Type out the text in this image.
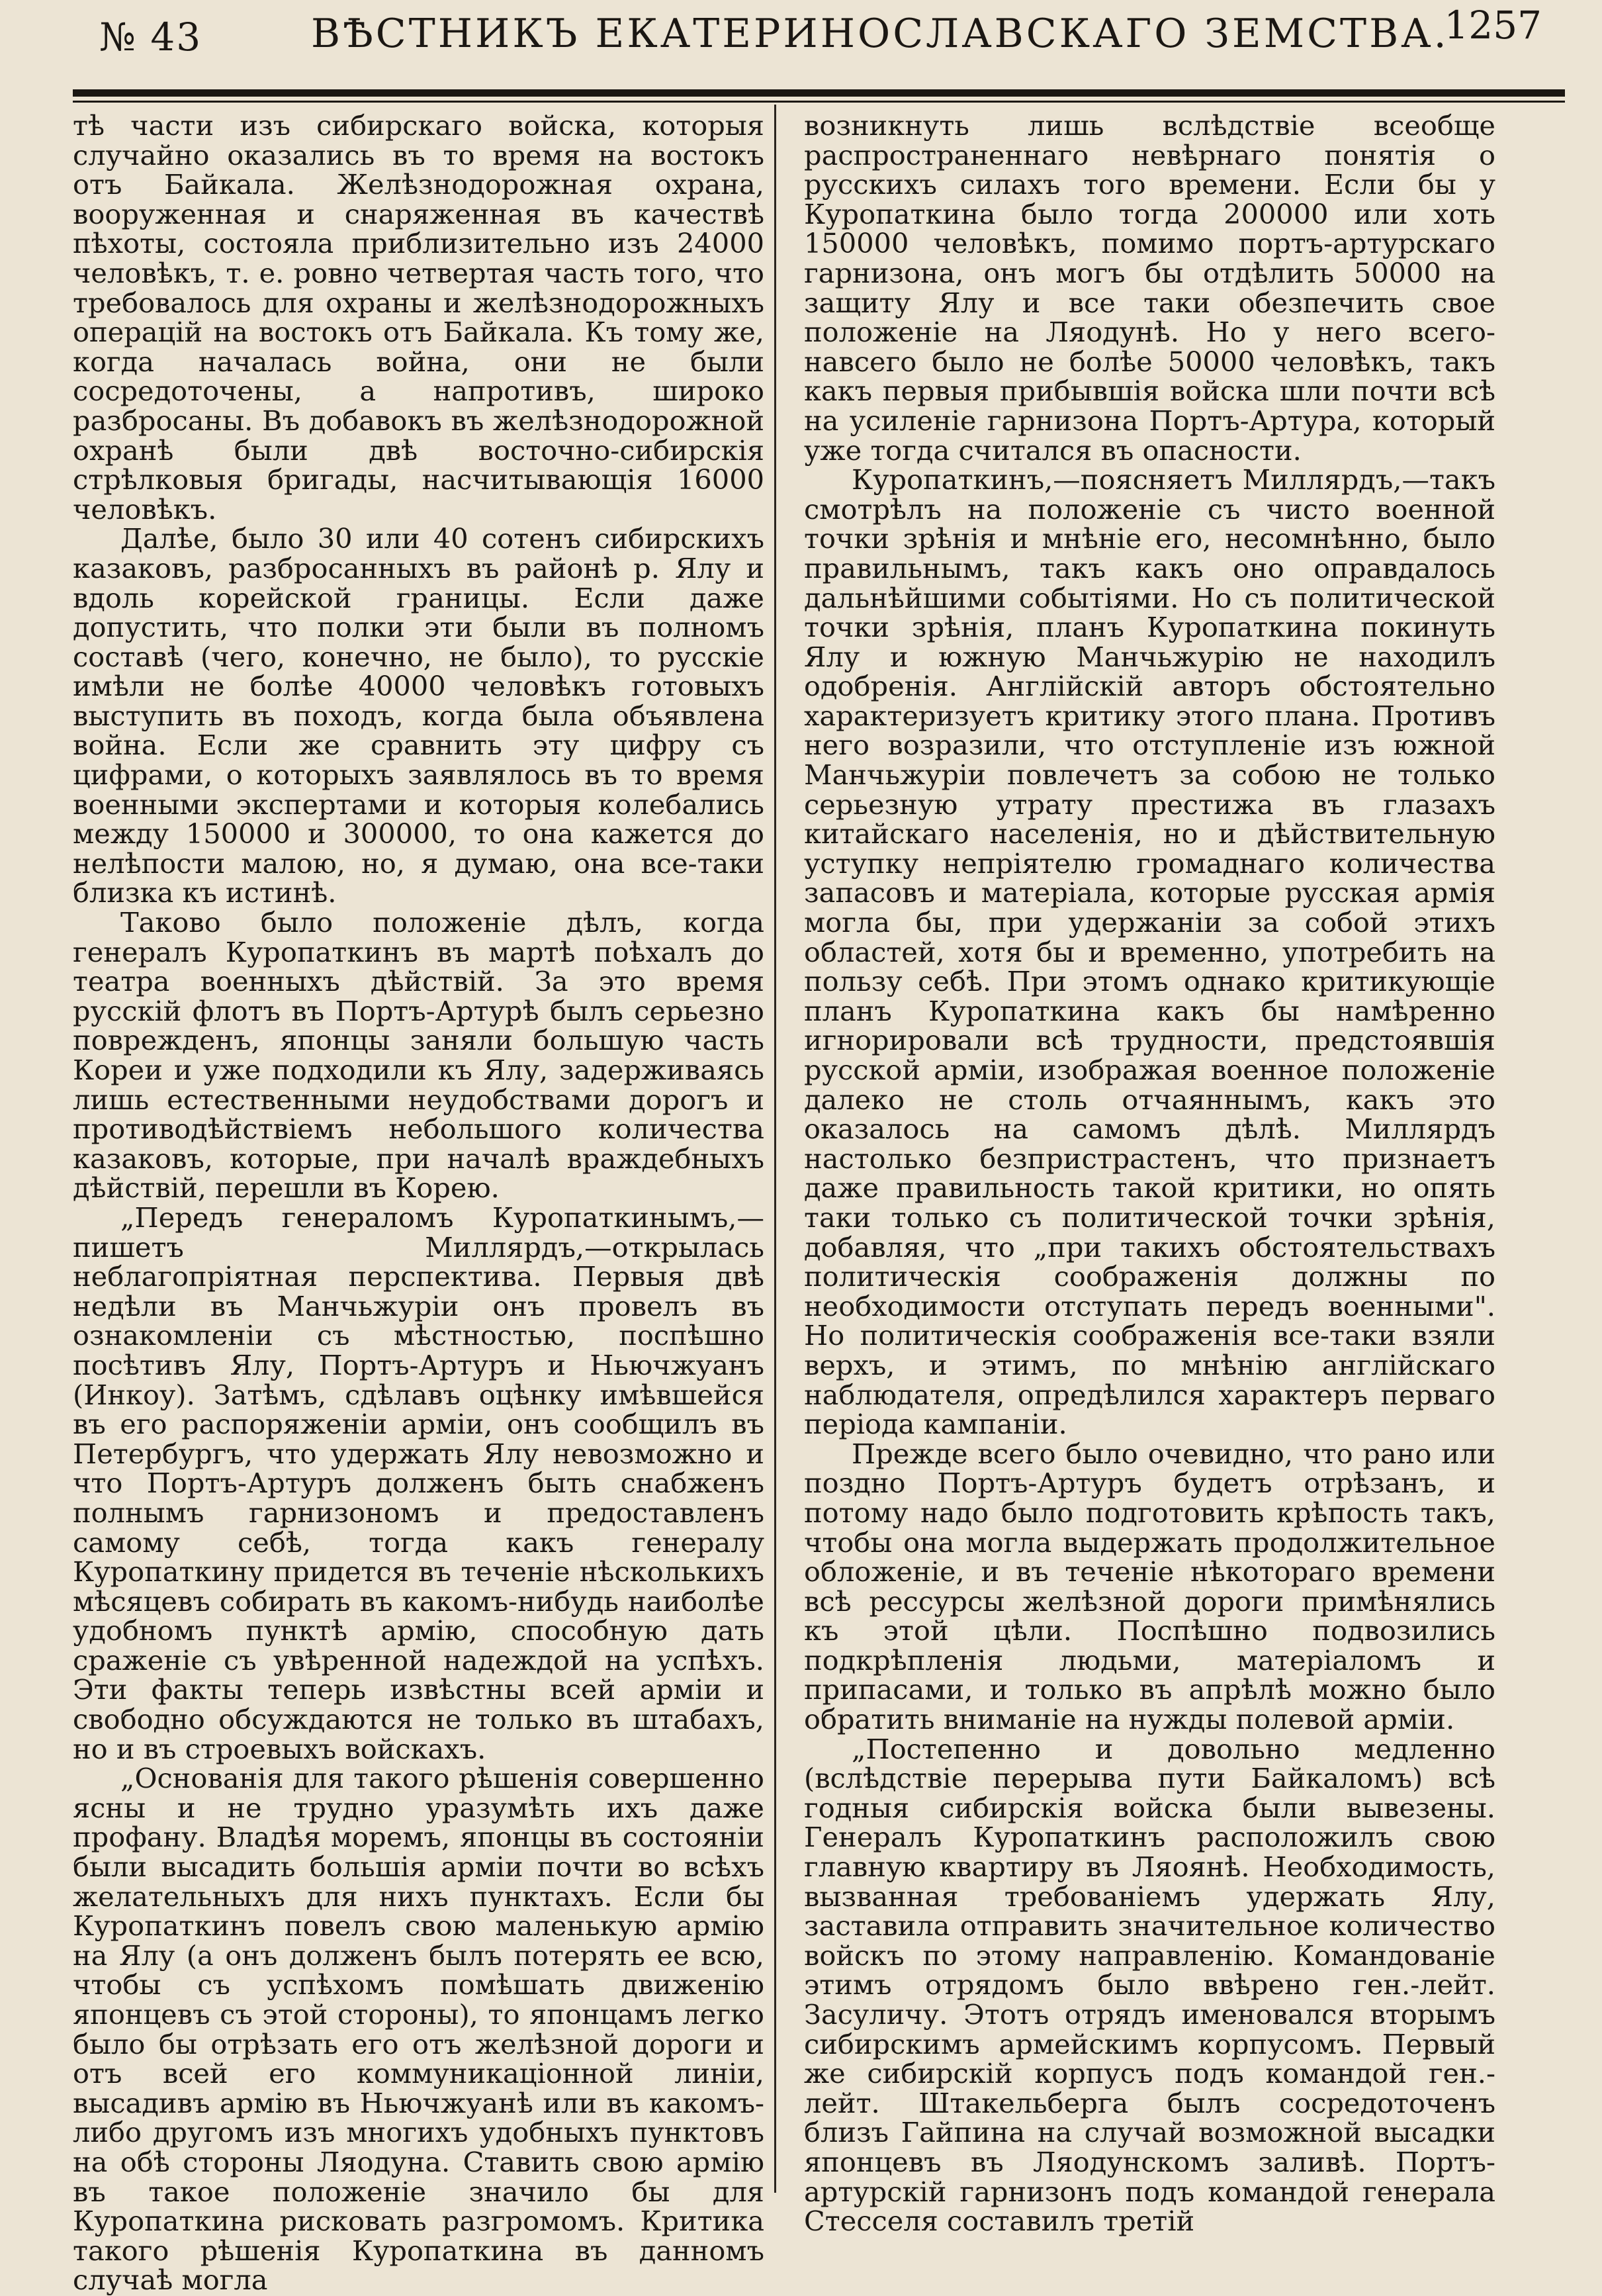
№ 43	ВѢСТНИКЪ ЕКАТЕРИНОСЛАВСКАГО ЗЕМСТВА.
1257

тѣ части изъ сибирскаго войска, которыя случайно оказались въ то время на востокъ отъ Байкала. Желѣзнодорожная охрана, вооруженная и снаряженная въ качествѣ пѣхоты, состояла приблизительно изъ 24000 человѣкъ, т. е. ровно четвертая часть того, что требовалось для охраны и желѣзнодорожныхъ операцій на востокъ отъ Байкала. Къ тому же, когда началась война, они не были сосредоточены, а напротивъ, широко разбросаны. Въ добавокъ въ желѣзнодорожной охранѣ были двѣ восточно-сибирскія стрѣлковыя бригады, насчитывающія 16000 человѣкъ.

Далѣе, было 30 или 40 сотенъ сибирскихъ казаковъ, разбросанныхъ въ районѣ р. Ялу и вдоль корейской границы. Если даже допустить, что полки эти были въ полномъ составѣ (чего, конечно, не было), то русскіе имѣли не болѣе 40000 человѣкъ готовыхъ выступить въ походъ, когда была объявлена война. Если же сравнить эту цифру съ цифрами, о которыхъ заявлялось въ то время военными экспертами и которыя колебались между 150000 и 300000, то она кажется до нелѣпости малою, но, я думаю, она все-таки близка къ истинѣ.

Таково было положеніе дѣлъ, когда генералъ Куропаткинъ въ мартѣ поѣхалъ до театра военныхъ дѣйствій. За это время русскій флотъ въ Портъ-Артурѣ былъ серьезно поврежденъ, японцы заняли большую часть Кореи и уже подходили къ Ялу, задерживаясь лишь естественными неудобствами дорогъ и противодѣйствіемъ небольшого количества казаковъ, которые, при началѣ враждебныхъ дѣйствій, перешли въ Корею.

„Передъ генераломъ Куропаткинымъ,—пишетъ Миллярдъ,—открылась неблагопріятная перспектива. Первыя двѣ недѣли въ Манчьжуріи онъ провелъ въ ознакомленіи съ мѣстностью, поспѣшно посѣтивъ Ялу, Портъ-Артуръ и Ньючжуанъ (Инкоу). Затѣмъ, сдѣлавъ оцѣнку имѣвшейся въ его распоряженіи арміи, онъ сообщилъ въ Петербургъ, что удержать Ялу невозможно и что Портъ-Артуръ долженъ быть снабженъ полнымъ гарнизономъ и предоставленъ самому себѣ, тогда какъ генералу Куропаткину придется въ теченіе нѣсколькихъ мѣсяцевъ собирать въ какомъ-нибудь наиболѣе удобномъ пунктѣ армію, способную дать сраженіе съ увѣренной надеждой на успѣхъ. Эти факты теперь извѣстны всей арміи и свободно обсуждаются не только въ штабахъ, но и въ строевыхъ войскахъ.

„Основанія для такого рѣшенія совершенно ясны и не трудно уразумѣть ихъ даже профану. Владѣя моремъ, японцы въ состояніи были высадить большія арміи почти во всѣхъ желательныхъ для нихъ пунктахъ. Если бы Куропаткинъ повелъ свою маленькую армію на Ялу (а онъ долженъ былъ потерять ее всю, чтобы съ успѣхомъ помѣшать движенію японцевъ съ этой стороны), то японцамъ легко было бы отрѣзать его отъ желѣзной дороги и отъ всей его коммуникаціонной линіи, высадивъ армію въ Ньючжуанѣ или въ какомъ-либо другомъ изъ многихъ удобныхъ пунктовъ на обѣ стороны Ляодуна. Ставить свою армію въ такое положеніе значило бы для Куропаткина рисковать разгромомъ. Критика такого рѣшенія Куропаткина въ данномъ случаѣ могла

возникнуть лишь вслѣдствіе всеобще распространеннаго невѣрнаго понятія о русскихъ силахъ того времени. Если бы у Куропаткина было тогда 200000 или хоть 150000 человѣкъ, помимо портъ-артурскаго гарнизона, онъ могъ бы отдѣлить 50000 на защиту Ялу и все таки обезпечить свое положеніе на Ляодунѣ. Но у него всего-навсего было не болѣе 50000 человѣкъ, такъ какъ первыя прибывшія войска шли почти всѣ на усиленіе гарнизона Портъ-Артура, который уже тогда считался въ опасности.

Куропаткинъ,—поясняетъ Миллярдъ,—такъ смотрѣлъ на положеніе съ чисто военной точки зрѣнія и мнѣніе его, несомнѣнно, было правильнымъ, такъ какъ оно оправдалось дальнѣйшими событіями. Но съ политической точки зрѣнія, планъ Куропаткина покинуть Ялу и южную Манчьжурію не находилъ одобренія. Англійскій авторъ обстоятельно характеризуетъ критику этого плана. Противъ него возразили, что отступленіе изъ южной Манчьжуріи повлечетъ за собою не только серьезную утрату престижа въ глазахъ китайскаго населенія, но и дѣйствительную уступку непріятелю громаднаго количества запасовъ и матеріала, которые русская армія могла бы, при удержаніи за собой этихъ областей, хотя бы и временно, употребить на пользу себѣ. При этомъ однако критикующіе планъ Куропаткина какъ бы намѣренно игнорировали всѣ трудности, предстоявшія русской арміи, изображая военное положеніе далеко не столь отчаяннымъ, какъ это оказалось на самомъ дѣлѣ. Миллярдъ настолько безпристрастенъ, что признаетъ даже правильность такой критики, но опять таки только съ политической точки зрѣнія, добавляя, что „при такихъ обстоятельствахъ политическія соображенія должны по необходимости отступать передъ военными". Но политическія соображенія все-таки взяли верхъ, и этимъ, по мнѣнію англійскаго наблюдателя, опредѣлился характеръ перваго періода кампаніи.

Прежде всего было очевидно, что рано или поздно Портъ-Артуръ будетъ отрѣзанъ, и потому надо было подготовить крѣпость такъ, чтобы она могла выдержать продолжительное обложеніе, и въ теченіе нѣкотораго времени всѣ рессурсы желѣзной дороги примѣнялись къ этой цѣли. Поспѣшно подвозились подкрѣпленія людьми, матеріаломъ и припасами, и только въ апрѣлѣ можно было обратить вниманіе на нужды полевой арміи.

„Постепенно и довольно медленно (вслѣдствіе перерыва пути Байкаломъ) всѣ годныя сибирскія войска были вывезены. Генералъ Куропаткинъ расположилъ свою главную квартиру въ Ляоянѣ. Необходимость, вызванная требованіемъ удержать Ялу, заставила отправить значительное количество войскъ по этому направленію. Командованіе этимъ отрядомъ было ввѣрено ген.-лейт. Засуличу. Этотъ отрядъ именовался вторымъ сибирскимъ армейскимъ корпусомъ. Первый же сибирскій корпусъ подъ командой ген.-лейт. Штакельберга былъ сосредоточенъ близъ Гайпина на случай возможной высадки японцевъ въ Ляодунскомъ заливѣ. Портъ-артурскій гарнизонъ подъ командой генерала Стесселя составилъ третій
